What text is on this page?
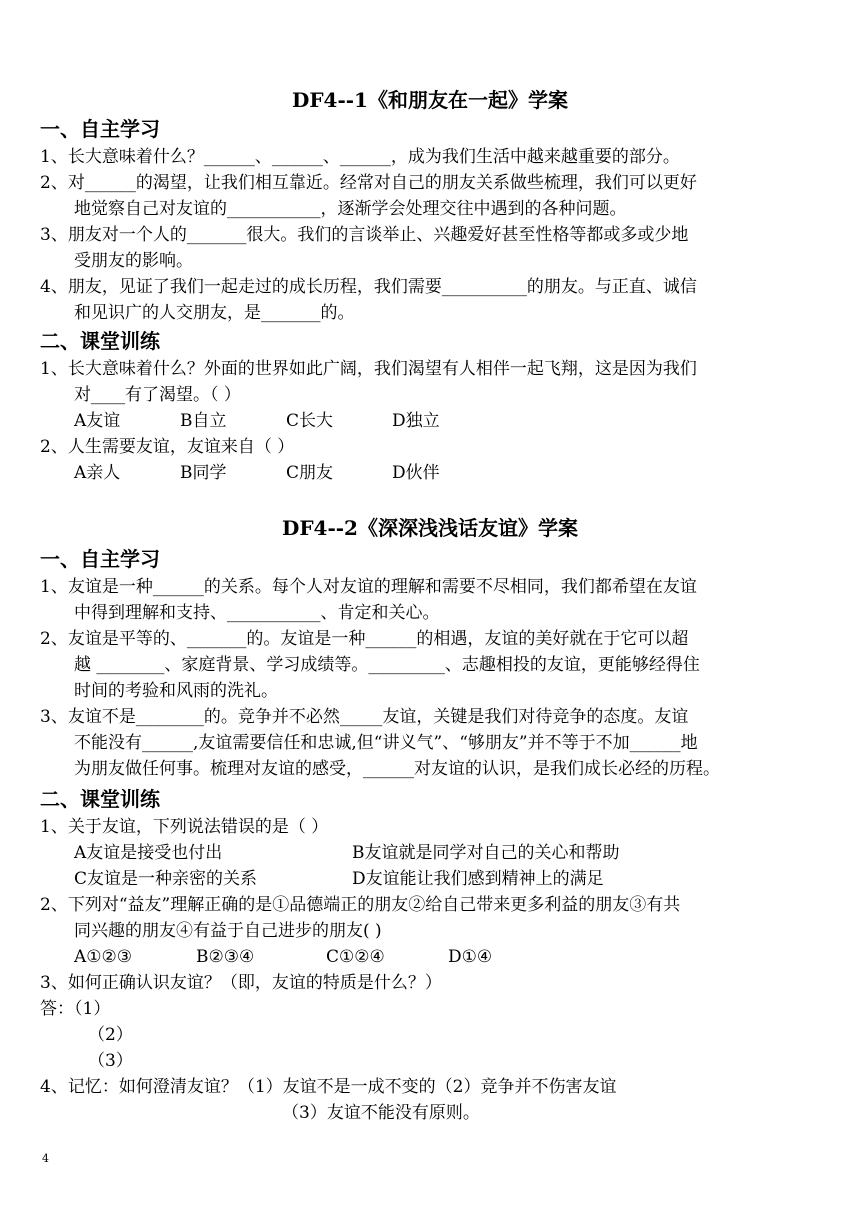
DF4--1《和朋友在一起》学案
一、自主学习
1、长大意味着什么？______、______、______，成为我们生活中越来越重要的部分。
2、对______的渴望，让我们相互靠近。经常对自己的朋友关系做些梳理，我们可以更好
地觉察自己对友谊的___________，逐渐学会处理交往中遇到的各种问题。
3、朋友对一个人的_______很大。我们的言谈举止、兴趣爱好甚至性格等都或多或少地
受朋友的影响。
4、朋友，见证了我们一起走过的成长历程，我们需要__________的朋友。与正直、诚信
和见识广的人交朋友，是_______的。
二、课堂训练
1、长大意味着什么？外面的世界如此广阔，我们渴望有人相伴一起飞翔，这是因为我们
对____有了渴望。（ ）
A友谊	B自立	C长大	D独立
2、人生需要友谊，友谊来自（ ）
A亲人	B同学	C朋友	D伙伴
DF4--2《深深浅浅话友谊》学案
一、自主学习
1、友谊是一种______的关系。每个人对友谊的理解和需要不尽相同，我们都希望在友谊
中得到理解和支持、___________、肯定和关心。
2、友谊是平等的、_______的。友谊是一种______的相遇，友谊的美好就在于它可以超
越 ________、家庭背景、学习成绩等。_________、志趣相投的友谊，更能够经得住
时间的考验和风雨的洗礼。
3、友谊不是________的。竞争并不必然_____友谊，关键是我们对待竞争的态度。友谊
不能没有______,友谊需要信任和忠诚,但“讲义气”、“够朋友”并不等于不加______地
为朋友做任何事。梳理对友谊的感受，______对友谊的认识，是我们成长必经的历程。
二、课堂训练
1、关于友谊，下列说法错误的是（ ）
A友谊是接受也付出	B友谊就是同学对自己的关心和帮助
C友谊是一种亲密的关系	D友谊能让我们感到精神上的满足
2、下列对“益友”理解正确的是①品德端正的朋友②给自己带来更多利益的朋友③有共
同兴趣的朋友④有益于自己进步的朋友( )
A①②③	B②③④	C①②④	D①④
3、如何正确认识友谊？（即，友谊的特质是什么？）
答：（1）
（2）
（3）
4、记忆：如何澄清友谊？（1）友谊不是一成不变的（2）竞争并不伤害友谊
（3）友谊不能没有原则。
4
